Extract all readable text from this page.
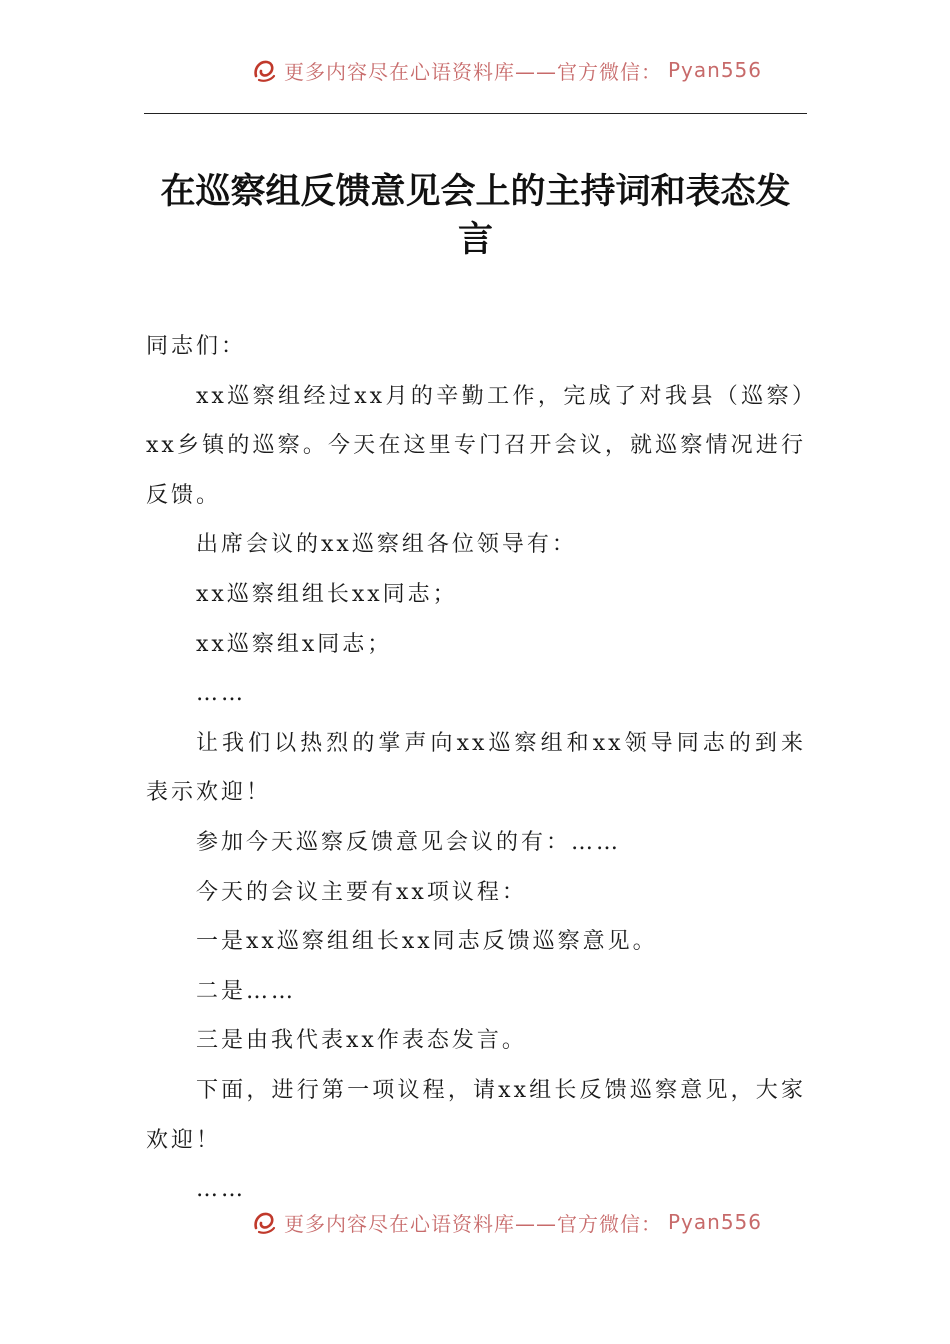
更多内容尽在心语资料库——官方微信： Pyan556
在巡察组反馈意见会上的主持词和表态发言

同志们：

xx巡察组经过xx月的辛勤工作，完成了对我县（巡察）xx乡镇的巡察。今天在这里专门召开会议，就巡察情况进行反馈。

出席会议的xx巡察组各位领导有：

xx巡察组组长xx同志；

xx巡察组x同志；

……

让我们以热烈的掌声向xx巡察组和xx领导同志的到来表示欢迎！

参加今天巡察反馈意见会议的有：……

今天的会议主要有xx项议程：

一是xx巡察组组长xx同志反馈巡察意见。

二是……

三是由我代表xx作表态发言。

下面，进行第一项议程，请xx组长反馈巡察意见，大家欢迎！

……

更多内容尽在心语资料库——官方微信： Pyan556
